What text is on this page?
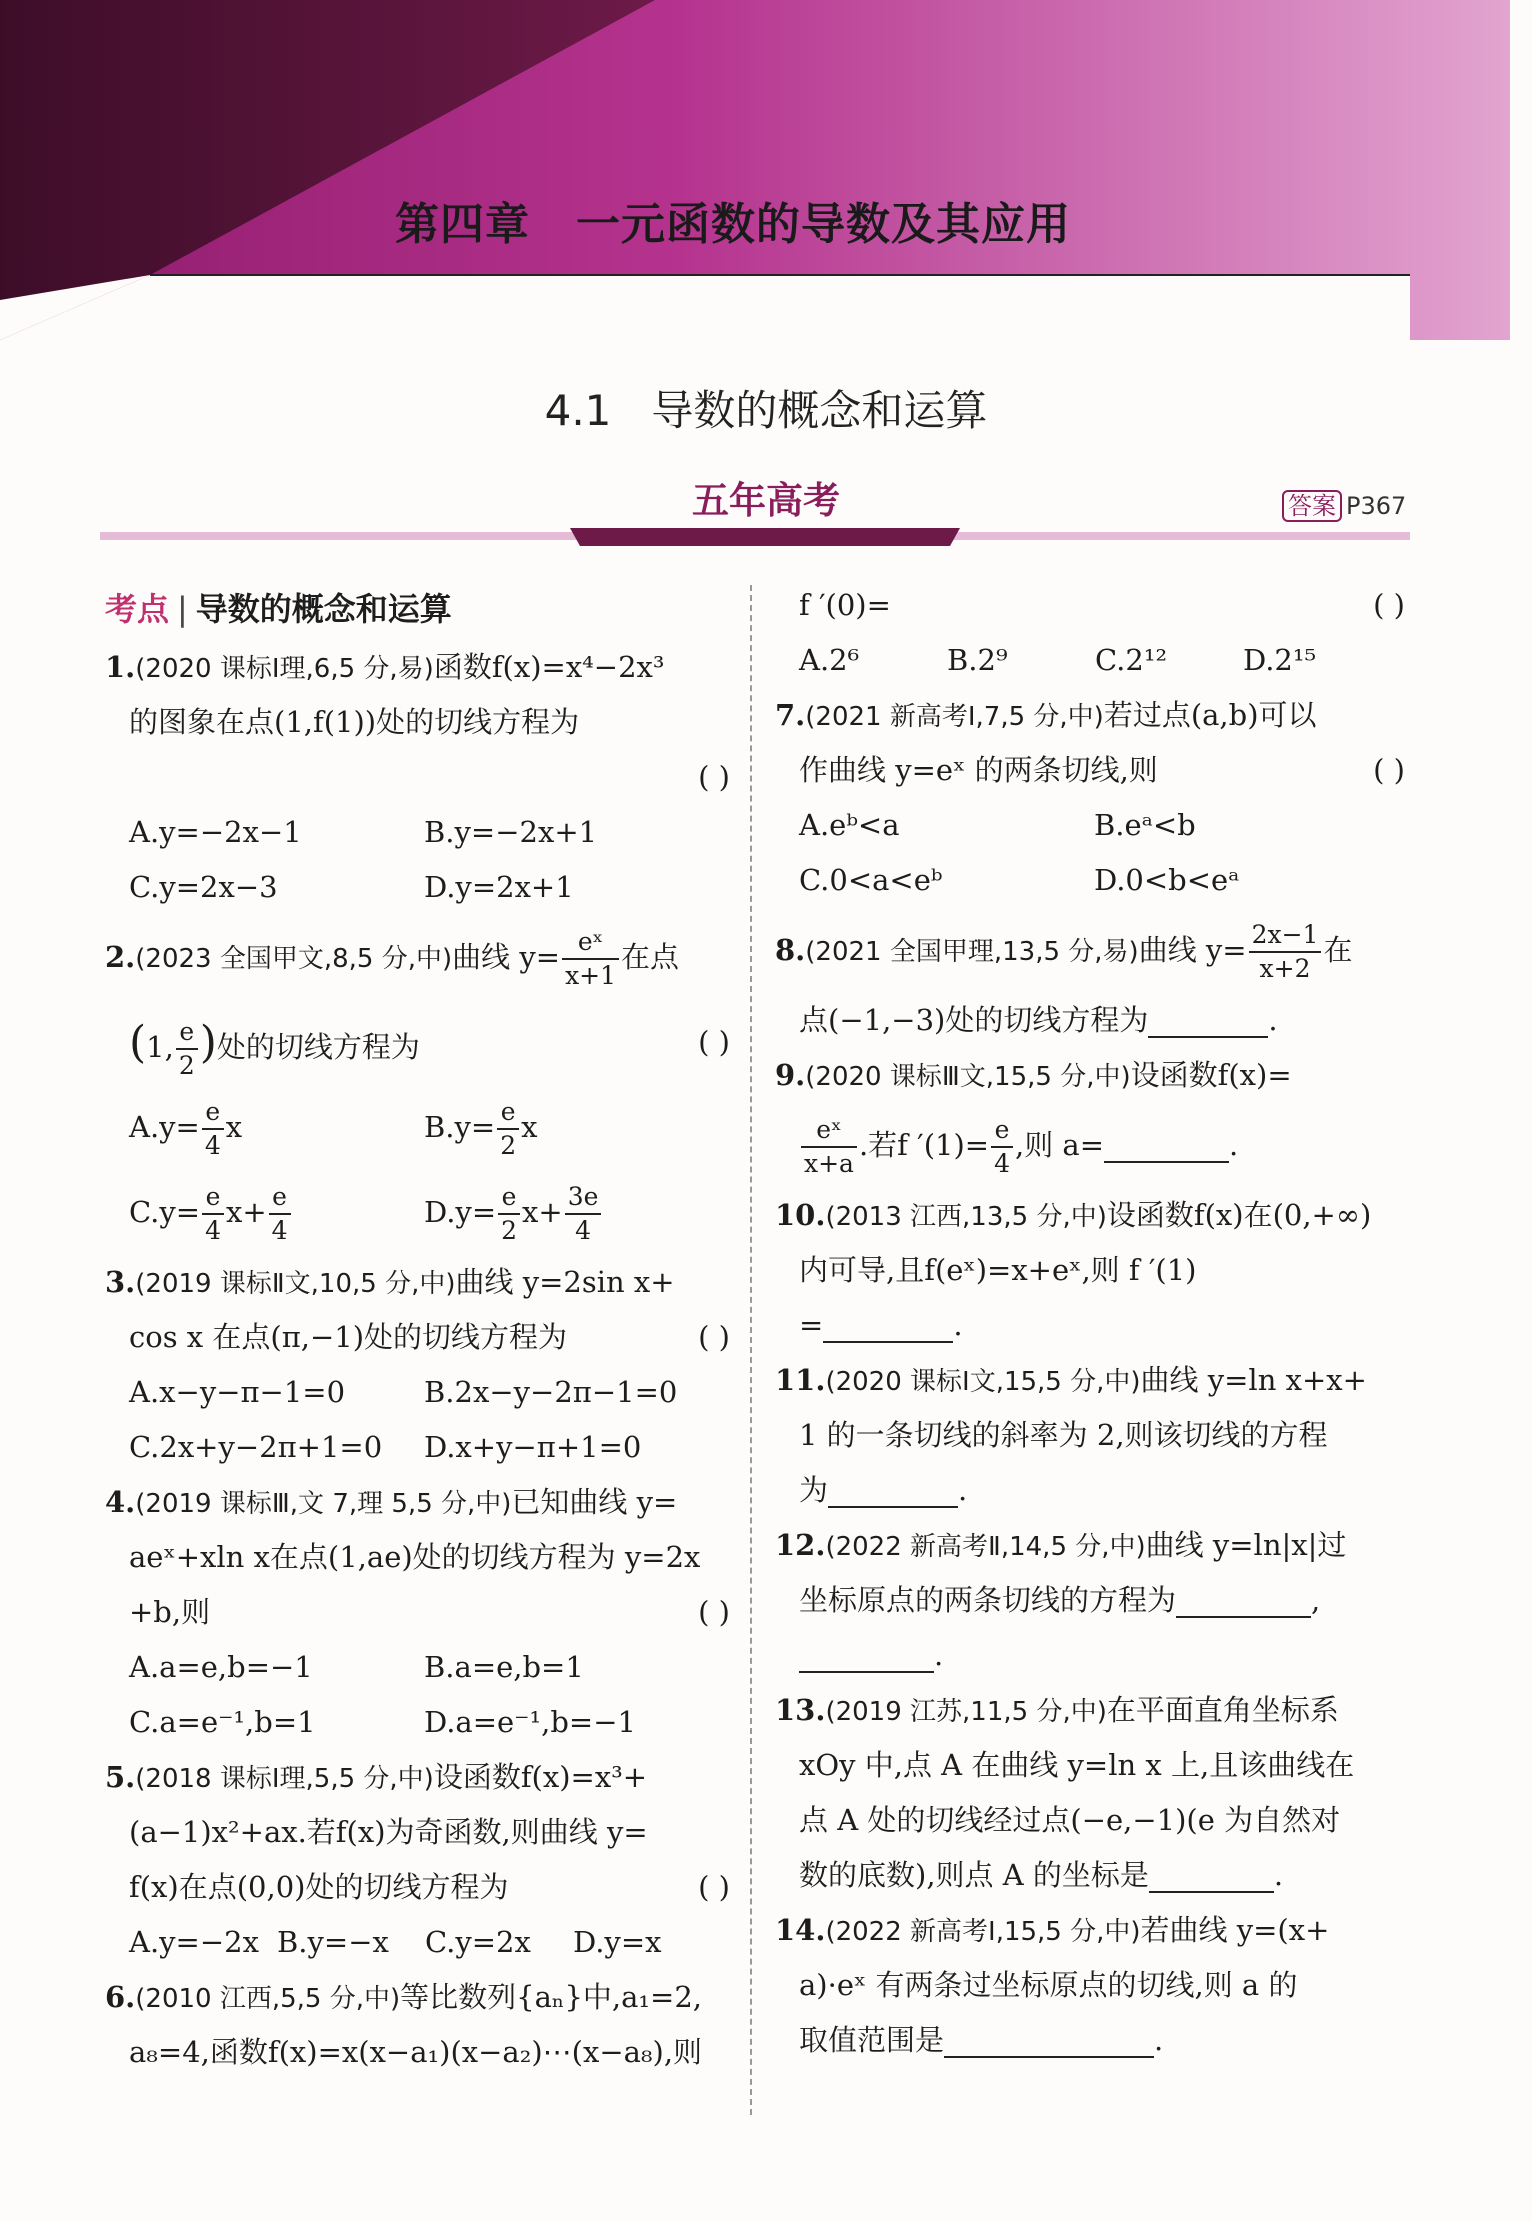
第四章 一元函数的导数及其应用
4.1 导数的概念和运算
五年高考	答案 P367
考点 | 导数的概念和运算
1.(2020 课标Ⅰ理,6,5 分,易)函数f(x)=x⁴−2x³
的图象在点(1,f(1))处的切线方程为
( )
A.y=−2x−1	B.y=−2x+1
C.y=2x−3	D.y=2x+1
2.(2023 全国甲文,8,5 分,中)曲线 $y= \frac{\text{eˣ}}{x+1}$ 在点
(1, $\frac{e}{2}$ )处的切线方程为	( )
$A.y= \frac{e}{4}$ x	$B.y= \frac{e}{2}$ x
$C.y= \frac{e}{4} x+ \frac{e}{4}$	$D.y= \frac{e}{2} x+ \frac{3e}{4}$
3.(2019 课标Ⅱ文,10,5 分,中)曲线 y=2sin x+
cos x 在点(π,−1)处的切线方程为	( )
A.x−y−π−1=0	B.2x−y−2π−1=0
C.2x+y−2π+1=0 D.x+y−π+1=0
4.(2019 课标Ⅲ,文 7,理 5,5 分,中)已知曲线 y=
aeˣ+xln x在点(1,ae)处的切线方程为 y=2x
+b,则	( )
A.a=e,b=−1	B.a=e,b=1
C.a=e⁻¹,b=1	D.a=e⁻¹,b=−1
5.(2018 课标Ⅰ理,5,5 分,中)设函数f(x)=x³+
(a−1)x²+ax.若f(x)为奇函数,则曲线 y=
f(x)在点(0,0)处的切线方程为	( )
A.y=−2x B.y=−x C.y=2x D.y=x
6.(2010 江西,5,5 分,中)等比数列{aₙ}中,a₁=2,
a₈=4,函数f(x)=x(x−a₁)(x−a₂)⋯(x−a₈),则
f ′(0)=	( )
A.2⁶	B.2⁹	C.2¹²	D.2¹⁵
7.(2021 新高考Ⅰ,7,5 分,中)若过点(a,b)可以
作曲线 y=eˣ 的两条切线,则	( )
A.eᵇ<a	B.eᵃ<b
C.0<a<eᵇ	D.0<b<eᵃ
8.(2021 全国甲理,13,5 分,易)曲线 $y= \frac{2x-1}{x+2}$ 在
点(−1,−3)处的切线方程为	.
9.(2020 课标Ⅲ文,15,5 分,中)设函数f(x)=
$\frac{\text{eˣ}}{x+a}$ .若f $'(1)= \frac{e}{4}$ ,则 a=	.
10.(2013 江西,13,5 分,中)设函数f(x)在(0,+∞)
内可导,且f(eˣ)=x+eˣ,则 f ′(1)
=	.
11.(2020 课标Ⅰ文,15,5 分,中)曲线 y=ln x+x+
1 的一条切线的斜率为 2,则该切线的方程
为	.
12.(2022 新高考Ⅱ,14,5 分,中)曲线 y=ln|x|过
坐标原点的两条切线的方程为	,
.
13.(2019 江苏,11,5 分,中)在平面直角坐标系
xOy 中,点 A 在曲线 y=ln x 上,且该曲线在
点 A 处的切线经过点(−e,−1)(e 为自然对
数的底数),则点 A 的坐标是	.
14.(2022 新高考Ⅰ,15,5 分,中)若曲线 y=(x+
a)·eˣ 有两条过坐标原点的切线,则 a 的
取值范围是	.
